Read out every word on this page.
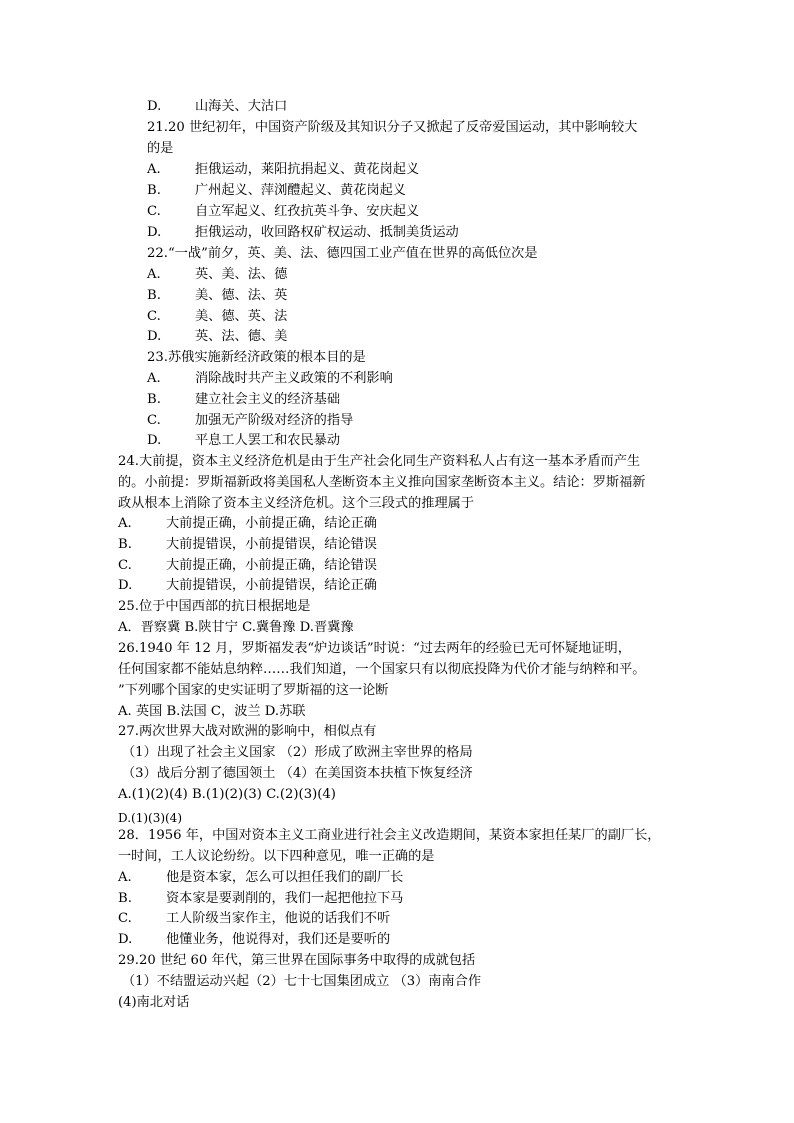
D.	山海关、大沽口
21.20 世纪初年，中国资产阶级及其知识分子又掀起了反帝爱国运动，其中影响较大
的是
A.	拒俄运动，莱阳抗捐起义、黄花岗起义
B.	广州起义、萍浏醴起义、黄花岗起义
C.	自立军起义、红孜抗英斗争、安庆起义
D.	拒俄运动，收回路权矿权运动、抵制美货运动
22.“一战”前夕，英、美、法、德四国工业产值在世界的高低位次是
A.	英、美、法、德
B.	美、德、法、英
C.	美、德、英、法
D.	英、法、德、美
23.苏俄实施新经济政策的根本目的是
A.	消除战时共产主义政策的不利影响
B.	建立社会主义的经济基础
C.	加强无产阶级对经济的指导
D.	平息工人罢工和农民暴动
24.大前提，资本主义经济危机是由于生产社会化同生产资料私人占有这一基本矛盾而产生
的。小前提：罗斯福新政将美国私人垄断资本主义推向国家垄断资本主义。结论：罗斯福新
政从根本上消除了资本主义经济危机。这个三段式的推理属于
A.	大前提正确，小前提正确，结论正确
B.	大前提错误，小前提错误，结论错误
C.	大前提正确，小前提正确，结论错误
D.	大前提错误，小前提错误，结论正确
25.位于中国西部的抗日根据地是
A．晋察冀 B.陕甘宁 C.冀鲁豫 D.晋冀豫
26.1940 年 12 月，罗斯福发表“炉边谈话”时说：“过去两年的经验已无可怀疑地证明，
任何国家都不能姑息纳粹……我们知道，一个国家只有以彻底投降为代价才能与纳粹和平。
”下列哪个国家的史实证明了罗斯福的这一论断
A. 英国 B.法国 C，波兰 D.苏联
27.两次世界大战对欧洲的影响中，相似点有
（1）出现了社会主义国家 （2）形成了欧洲主宰世界的格局
（3）战后分割了德国领土 （4）在美国资本扶植下恢复经济
A.(1)(2)(4) B.(1)(2)(3) C.(2)(3)(4)
D.(1)(3)(4)
28．1956 年，中国对资本主义工商业进行社会主义改造期间，某资本家担任某厂的副厂长，
一时间，工人议论纷纷。以下四种意见，唯一正确的是
A.	他是资本家，怎么可以担任我们的副厂长
B.	资本家是要剥削的，我们一起把他拉下马
C.	工人阶级当家作主，他说的话我们不听
D.	他懂业务，他说得对，我们还是要听的
29.20 世纪 60 年代，第三世界在国际事务中取得的成就包括
（1）不结盟运动兴起（2）七十七国集团成立 （3）南南合作
(4)南北对话
